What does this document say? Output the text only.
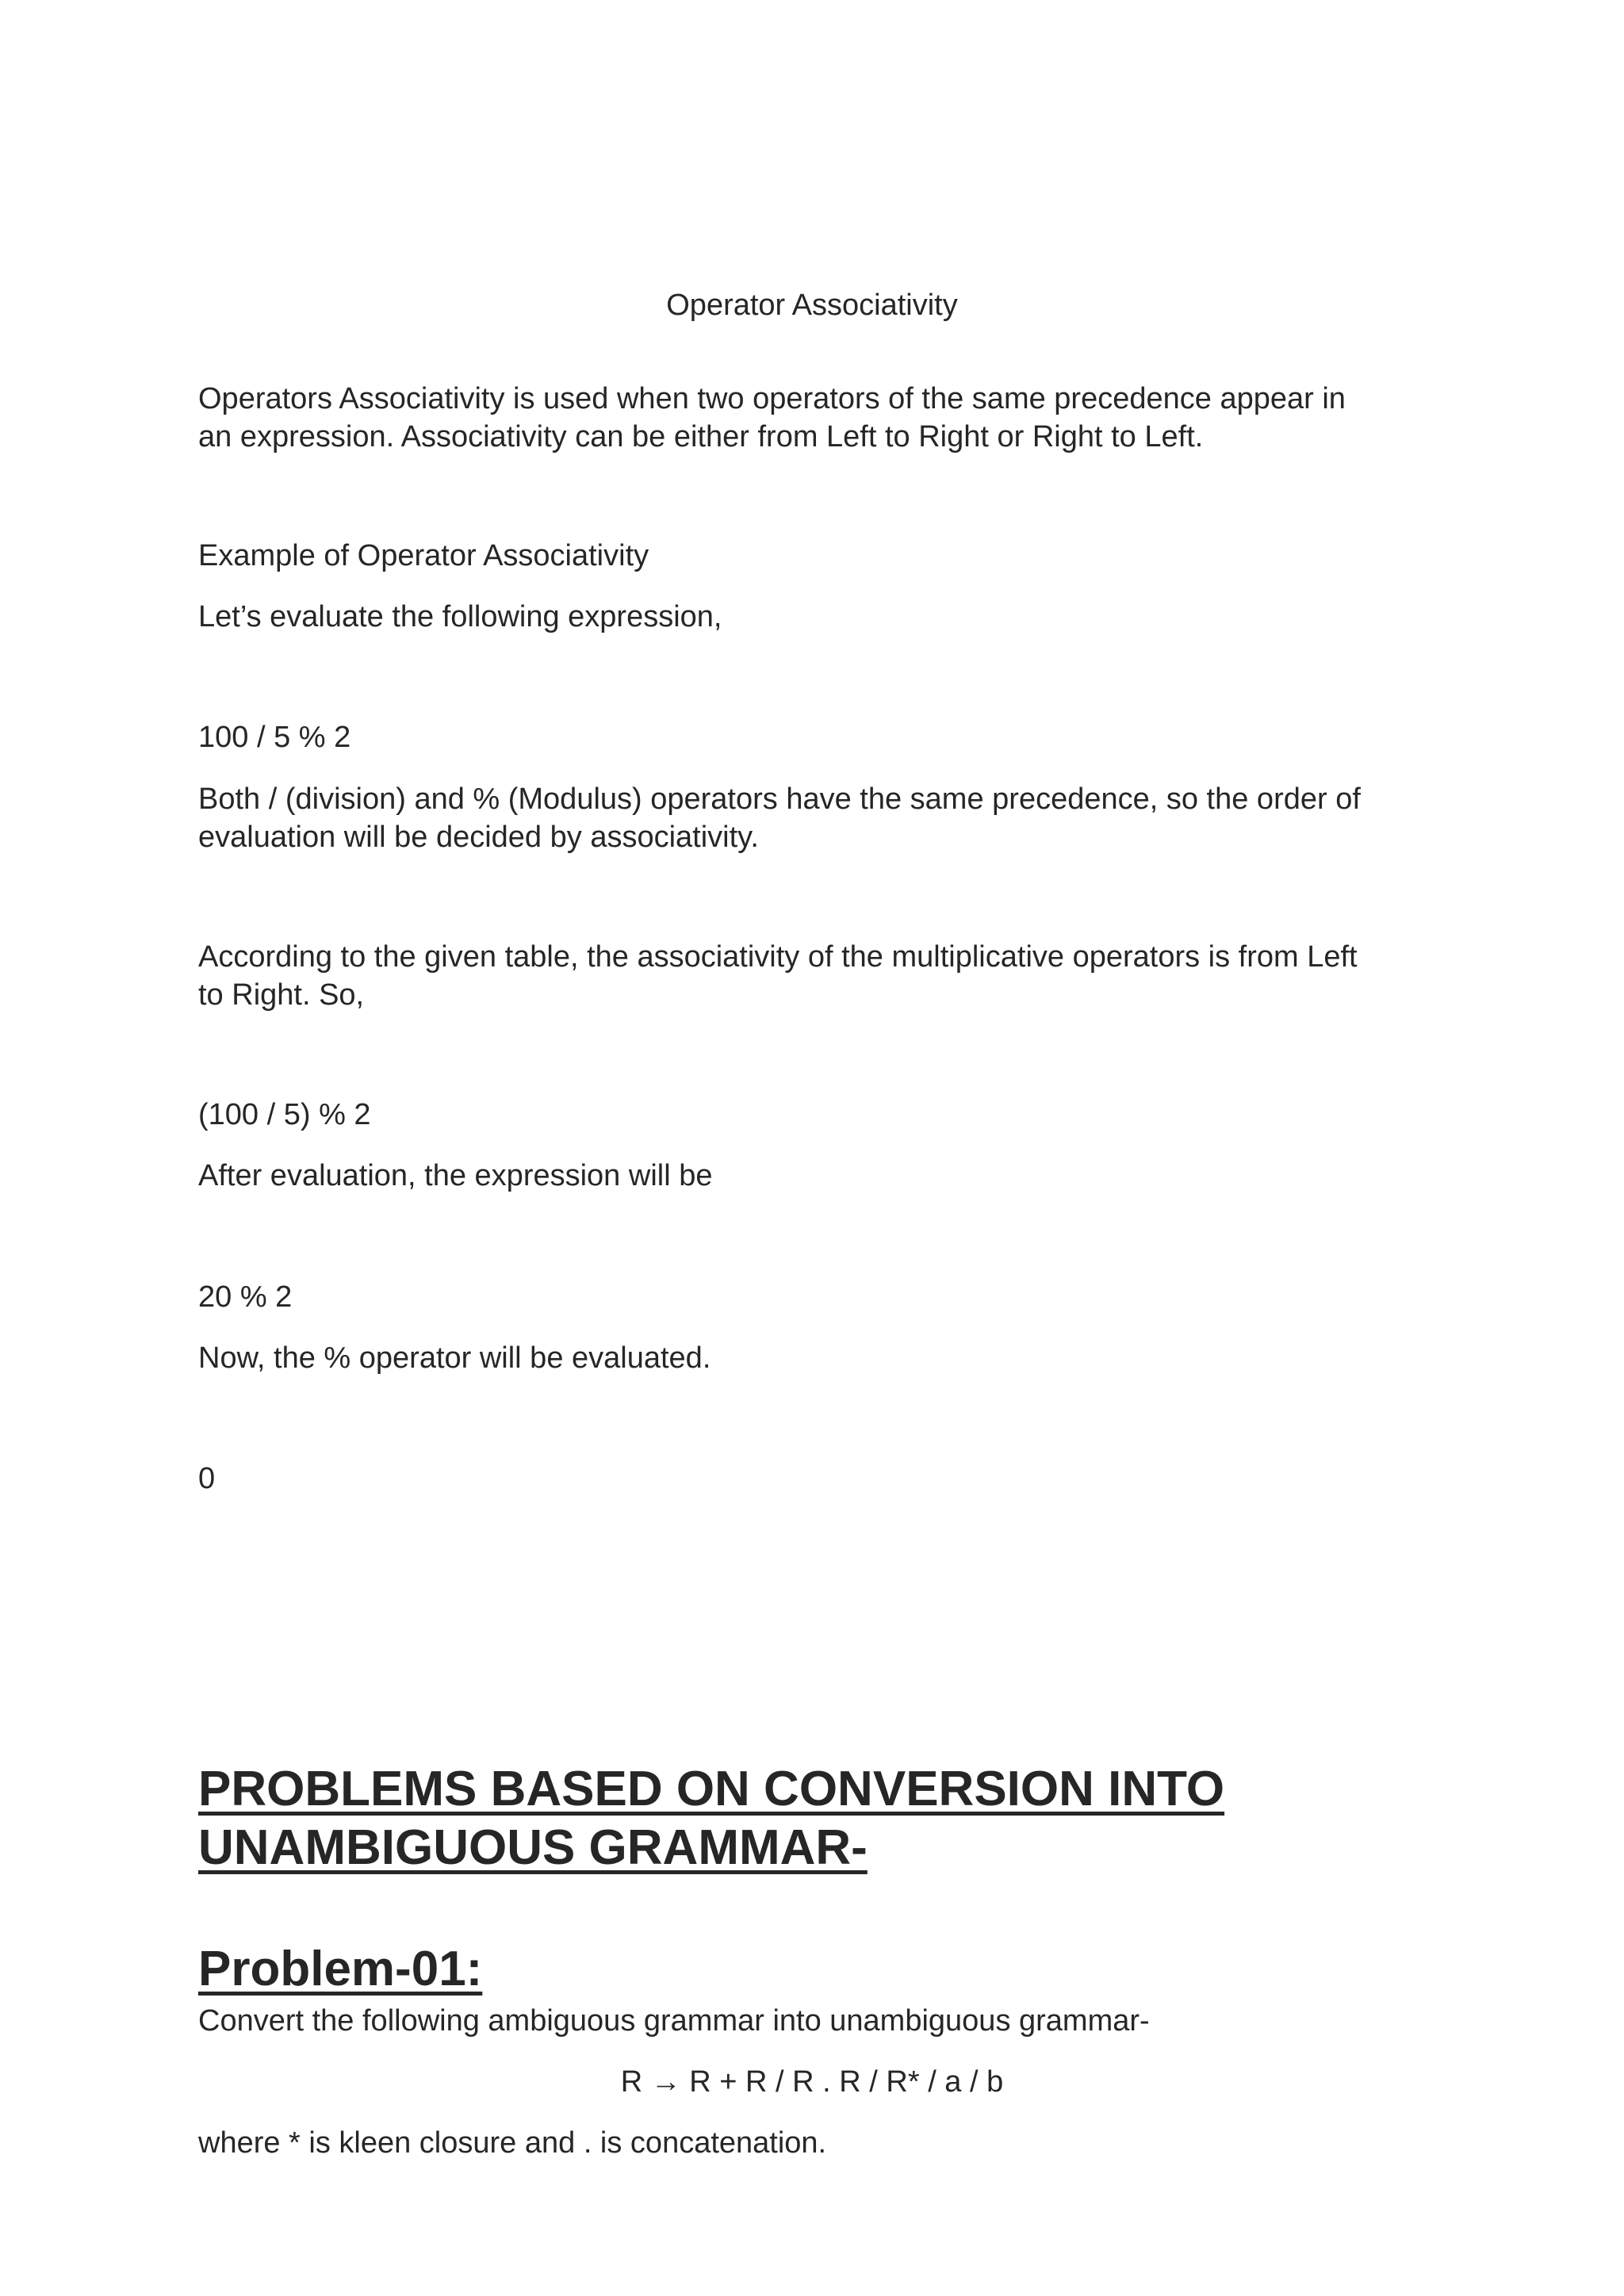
Operator Associativity
Operators Associativity is used when two operators of the same precedence appear in
an expression. Associativity can be either from Left to Right or Right to Left.
Example of Operator Associativity
Let’s evaluate the following expression,
100 / 5 % 2
Both / (division) and % (Modulus) operators have the same precedence, so the order of
evaluation will be decided by associativity.
According to the given table, the associativity of the multiplicative operators is from Left
to Right. So,
(100 / 5) % 2
After evaluation, the expression will be
20 % 2
Now, the % operator will be evaluated.
0
PROBLEMS BASED ON CONVERSION INTO
UNAMBIGUOUS GRAMMAR-
Problem-01:
Convert the following ambiguous grammar into unambiguous grammar-
R → R + R / R . R / R* / a / b
where * is kleen closure and . is concatenation.
